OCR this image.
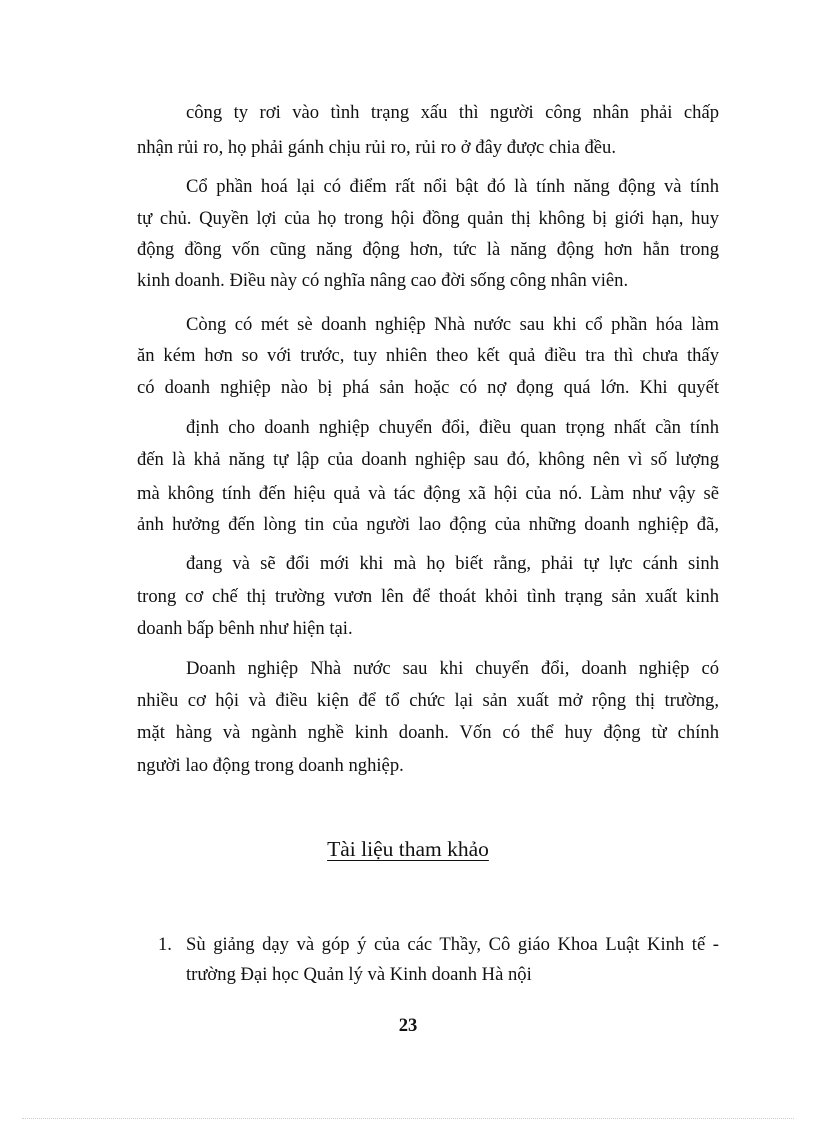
công ty rơi vào tình trạng xấu thì người công nhân phải chấp
nhận rủi ro, họ phải gánh chịu rủi ro, rủi ro ở đây được chia đều.
Cổ phần hoá lại có điểm rất nổi bật đó là tính năng động và tính
tự chủ. Quyền lợi của họ trong hội đồng quản thị không bị giới hạn, huy
động đồng vốn cũng năng động hơn, tức là năng động hơn hẳn trong
kinh doanh. Điều này có nghĩa nâng cao đời sống công nhân viên.
Còng có mét sè doanh nghiệp Nhà nước sau khi cổ phần hóa làm
ăn kém hơn so với trước, tuy nhiên theo kết quả điều tra thì chưa thấy
có doanh nghiệp nào bị phá sản hoặc có nợ đọng quá lớn. Khi quyết
định cho doanh nghiệp chuyển đổi, điều quan trọng nhất cần tính
đến là khả năng tự lập của doanh nghiệp sau đó, không nên vì số lượng
mà không tính đến hiệu quả và tác động xã hội của nó. Làm như vậy sẽ
ảnh hưởng đến lòng tin của người lao động của những doanh nghiệp đã,
đang và sẽ đổi mới khi mà họ biết rằng, phải tự lực cánh sinh
trong cơ chế thị trường vươn lên để thoát khỏi tình trạng sản xuất kinh
doanh bấp bênh như hiện tại.
Doanh nghiệp Nhà nước sau khi chuyển đổi, doanh nghiệp có
nhiều cơ hội và điều kiện để tổ chức lại sản xuất mở rộng thị trường,
mặt hàng và ngành nghề kinh doanh. Vốn có thể huy động từ chính
người lao động trong doanh nghiệp.
Tài liệu tham khảo
1. Sù giảng dạy và góp ý của các Thầy, Cô giáo Khoa Luật Kinh tế -
trường Đại học Quản lý và Kinh doanh Hà nội
23
